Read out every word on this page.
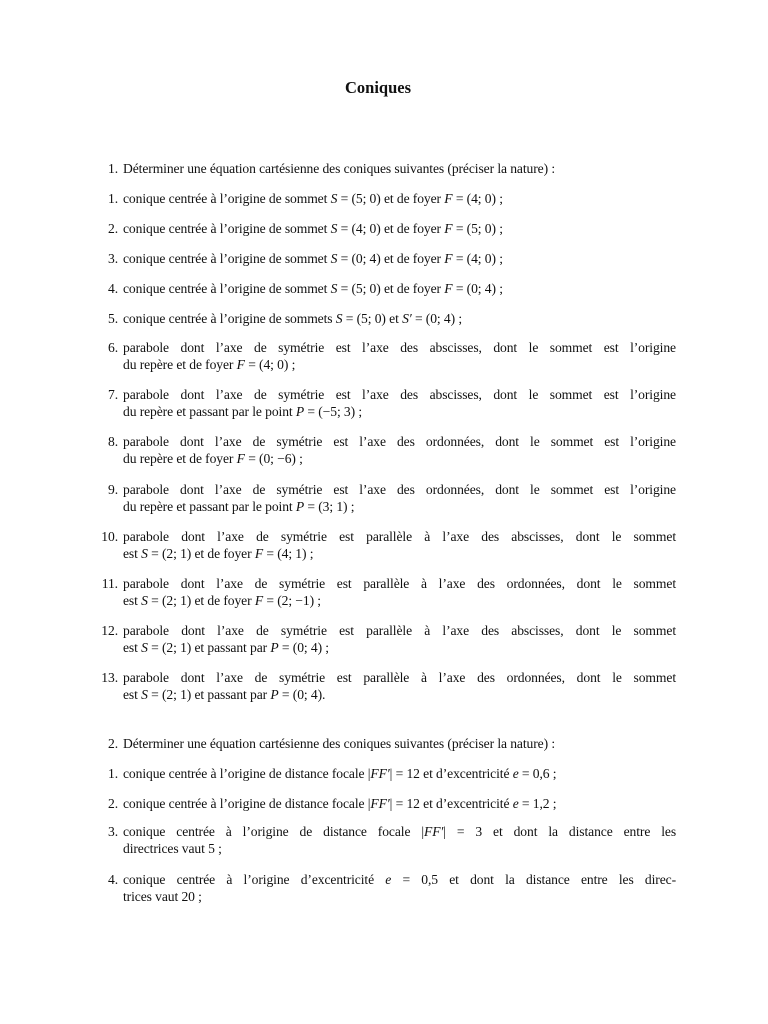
Coniques
1. Déterminer une équation cartésienne des coniques suivantes (préciser la nature) :
1. conique centrée à l’origine de sommet S = (5; 0) et de foyer F = (4; 0) ;
2. conique centrée à l’origine de sommet S = (4; 0) et de foyer F = (5; 0) ;
3. conique centrée à l’origine de sommet S = (0; 4) et de foyer F = (4; 0) ;
4. conique centrée à l’origine de sommet S = (5; 0) et de foyer F = (0; 4) ;
5. conique centrée à l’origine de sommets S = (5; 0) et S′ = (0; 4) ;
6. parabole dont l’axe de symétrie est l’axe des abscisses, dont le sommet est l’origine
du repère et de foyer F = (4; 0) ;
7. parabole dont l’axe de symétrie est l’axe des abscisses, dont le sommet est l’origine
du repère et passant par le point P = (−5; 3) ;
8. parabole dont l’axe de symétrie est l’axe des ordonnées, dont le sommet est l’origine
du repère et de foyer F = (0; −6) ;
9. parabole dont l’axe de symétrie est l’axe des ordonnées, dont le sommet est l’origine
du repère et passant par le point P = (3; 1) ;
10. parabole dont l’axe de symétrie est parallèle à l’axe des abscisses, dont le sommet
est S = (2; 1) et de foyer F = (4; 1) ;
11. parabole dont l’axe de symétrie est parallèle à l’axe des ordonnées, dont le sommet
est S = (2; 1) et de foyer F = (2; −1) ;
12. parabole dont l’axe de symétrie est parallèle à l’axe des abscisses, dont le sommet
est S = (2; 1) et passant par P = (0; 4) ;
13. parabole dont l’axe de symétrie est parallèle à l’axe des ordonnées, dont le sommet
est S = (2; 1) et passant par P = (0; 4).
2. Déterminer une équation cartésienne des coniques suivantes (préciser la nature) :
1. conique centrée à l’origine de distance focale |FF′| = 12 et d’excentricité e = 0,6 ;
2. conique centrée à l’origine de distance focale |FF′| = 12 et d’excentricité e = 1,2 ;
3. conique centrée à l’origine de distance focale |FF′| = 3 et dont la distance entre les
directrices vaut 5 ;
4. conique centrée à l’origine d’excentricité e = 0,5 et dont la distance entre les direc-
trices vaut 20 ;
